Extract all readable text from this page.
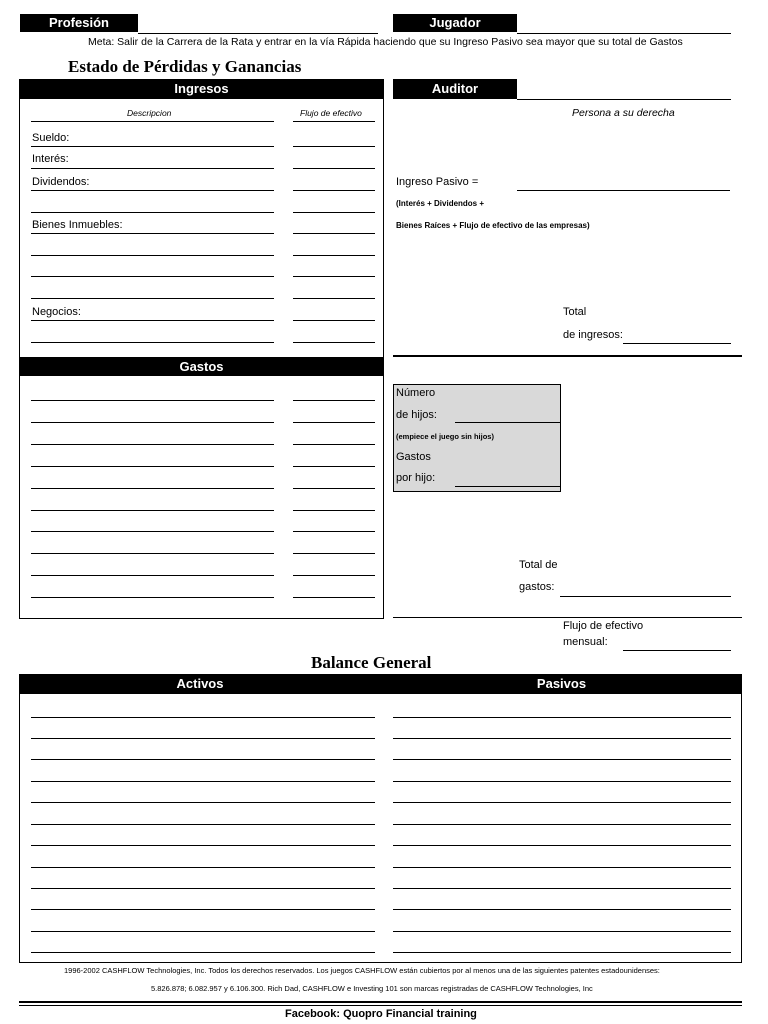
Profesión	Jugador
Meta: Salir de la Carrera de la Rata y entrar en la vía Rápida haciendo que su Ingreso Pasivo sea mayor que su total de Gastos
Estado de Pérdidas y Ganancias
Ingresos
Descripcion	Flujo de efectivo
Sueldo:
Interés:
Dividendos:
Bienes Inmuebles:
Negocios:
Gastos
Auditor
Persona a su derecha
Ingreso Pasivo =
(Interés + Dividendos +
Bienes Raíces + Flujo de efectivo de las empresas)
Total
de ingresos:
Número
de hijos:
(empiece el juego sin hijos)
Gastos
por hijo:
Total de
gastos:
Flujo de efectivo
mensual:
Balance General
Activos	Pasivos
1996-2002 CASHFLOW Technologies, Inc. Todos los derechos reservados. Los juegos CASHFLOW están cubiertos por al menos una de las siguientes patentes estadounidenses:
5.826.878; 6.082.957 y 6.106.300. Rich Dad, CASHFLOW e Investing 101 son marcas registradas de CASHFLOW Technologies, Inc
Facebook: Quopro Financial training
